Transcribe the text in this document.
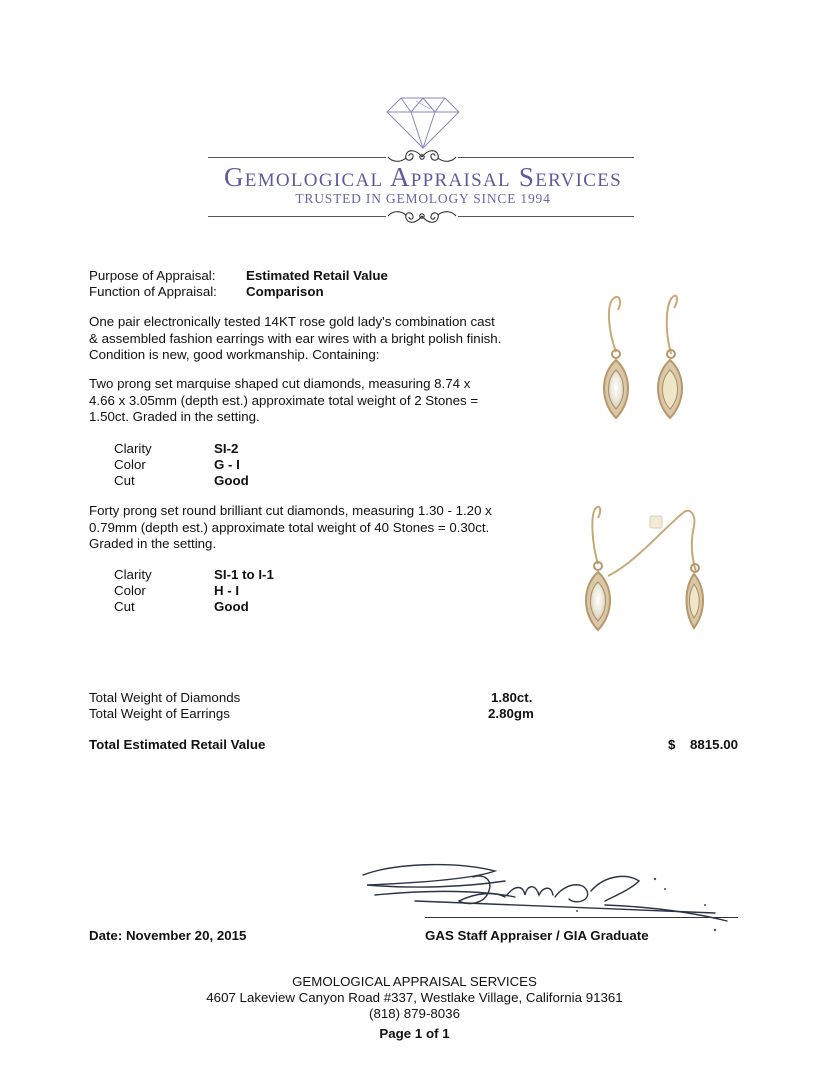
Gemological Appraisal Services
TRUSTED IN GEMOLOGY SINCE 1994
Purpose of Appraisal: Estimated Retail Value
Function of Appraisal: Comparison
One pair electronically tested 14KT rose gold lady's combination cast & assembled fashion earrings with ear wires with a bright polish finish. Condition is new, good workmanship. Containing:
Two prong set marquise shaped cut diamonds, measuring 8.74 x 4.66 x 3.05mm (depth est.) approximate total weight of 2 Stones = 1.50ct. Graded in the setting.
Clarity	SI-2
Color	G - I
Cut	Good
Forty prong set round brilliant cut diamonds, measuring 1.30 - 1.20 x 0.79mm (depth est.) approximate total weight of 40 Stones = 0.30ct. Graded in the setting.
Clarity	SI-1 to I-1
Color	H - I
Cut	Good
Total Weight of Diamonds	1.80ct.
Total Weight of Earrings	2.80gm
Total Estimated Retail Value	$ 8815.00
Date: November 20, 2015	GAS Staff Appraiser / GIA Graduate
GEMOLOGICAL APPRAISAL SERVICES
4607 Lakeview Canyon Road #337, Westlake Village, California 91361
(818) 879-8036
Page 1 of 1
